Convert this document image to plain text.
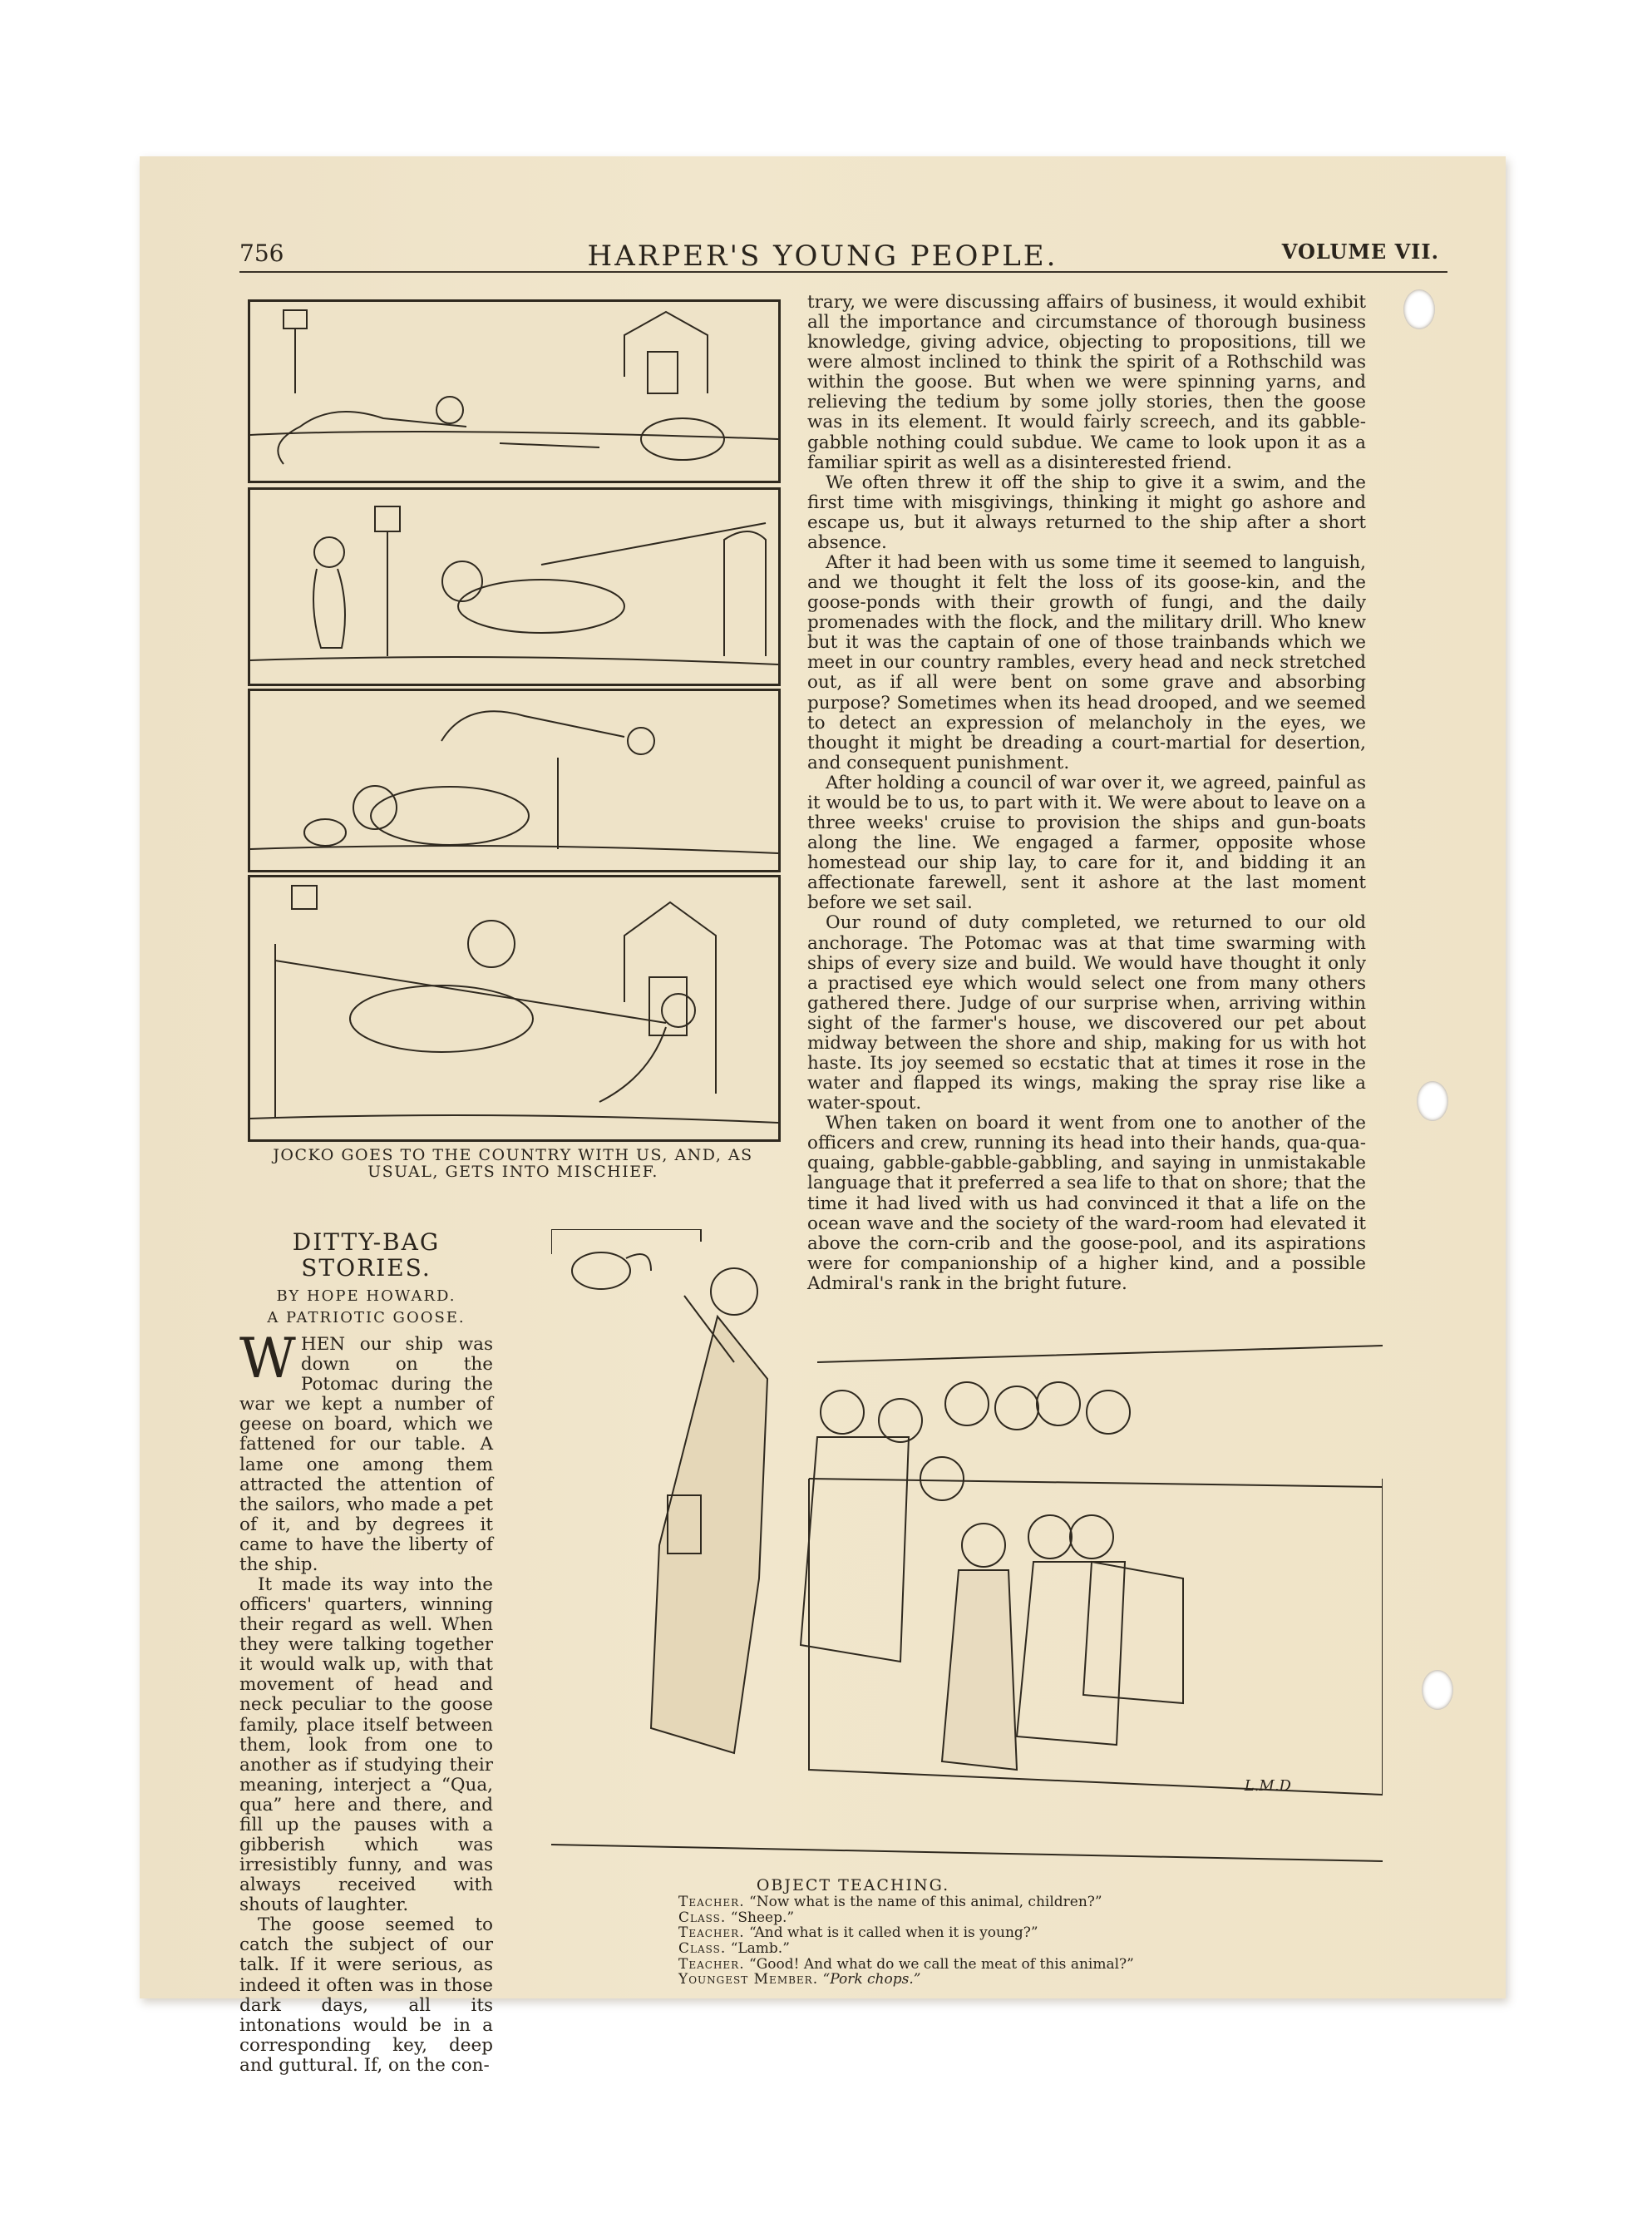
756	HARPER'S YOUNG PEOPLE.	VOLUME VII.
JOCKO GOES TO THE COUNTRY WITH US, AND, AS USUAL, GETS INTO MISCHIEF.

trary, we were discussing affairs of business, it would exhibit all the importance and circumstance of thorough business knowledge, giving advice, objecting to propositions, till we were almost inclined to think the spirit of a Rothschild was within the goose. But when we were spinning yarns, and relieving the tedium by some jolly stories, then the goose was in its element. It would fairly screech, and its gabble-gabble nothing could subdue. We came to look upon it as a familiar spirit as well as a disinterested friend.

We often threw it off the ship to give it a swim, and the first time with misgivings, thinking it might go ashore and escape us, but it always returned to the ship after a short absence.

After it had been with us some time it seemed to languish, and we thought it felt the loss of its goose-kin, and the goose-ponds with their growth of fungi, and the daily promenades with the flock, and the military drill. Who knew but it was the captain of one of those trainbands which we meet in our country rambles, every head and neck stretched out, as if all were bent on some grave and absorbing purpose? Sometimes when its head drooped, and we seemed to detect an expression of melancholy in the eyes, we thought it might be dreading a court-martial for desertion, and consequent punishment.

After holding a council of war over it, we agreed, painful as it would be to us, to part with it. We were about to leave on a three weeks' cruise to provision the ships and gun-boats along the line. We engaged a farmer, opposite whose homestead our ship lay, to care for it, and bidding it an affectionate farewell, sent it ashore at the last moment before we set sail.

Our round of duty completed, we returned to our old anchorage. The Potomac was at that time swarming with ships of every size and build. We would have thought it only a practised eye which would select one from many others gathered there. Judge of our surprise when, arriving within sight of the farmer's house, we discovered our pet about midway between the shore and ship, making for us with hot haste. Its joy seemed so ecstatic that at times it rose in the water and flapped its wings, making the spray rise like a water-spout.

When taken on board it went from one to another of the officers and crew, running its head into their hands, qua-qua-quaing, gabble-gabble-gabbling, and saying in unmistakable language that it preferred a sea life to that on shore; that the time it had lived with us had convinced it that a life on the ocean wave and the society of the ward-room had elevated it above the corn-crib and the goose-pool, and its aspirations were for companionship of a higher kind, and a possible Admiral's rank in the bright future.

DITTY-BAG STORIES.
BY HOPE HOWARD.
A PATRIOTIC GOOSE.

WHEN our ship was down on the Potomac during the war we kept a number of geese on board, which we fattened for our table. A lame one among them attracted the attention of the sailors, who made a pet of it, and by degrees it came to have the liberty of the ship.

It made its way into the officers' quarters, winning their regard as well. When they were talking together it would walk up, with that movement of head and neck peculiar to the goose family, place itself between them, look from one to another as if studying their meaning, interject a “Qua, qua” here and there, and fill up the pauses with a gibberish which was irresistibly funny, and was always received with shouts of laughter.

The goose seemed to catch the subject of our talk. If it were serious, as indeed it often was in those dark days, all its intonations would be in a corresponding key, deep and guttural. If, on the con-

L.M.D
OBJECT TEACHING.
Teacher. “Now what is the name of this animal, children?”
Class. “Sheep.”
Teacher. “And what is it called when it is young?”
Class. “Lamb.”
Teacher. “Good! And what do we call the meat of this animal?”
Youngest Member. “Pork chops.”
